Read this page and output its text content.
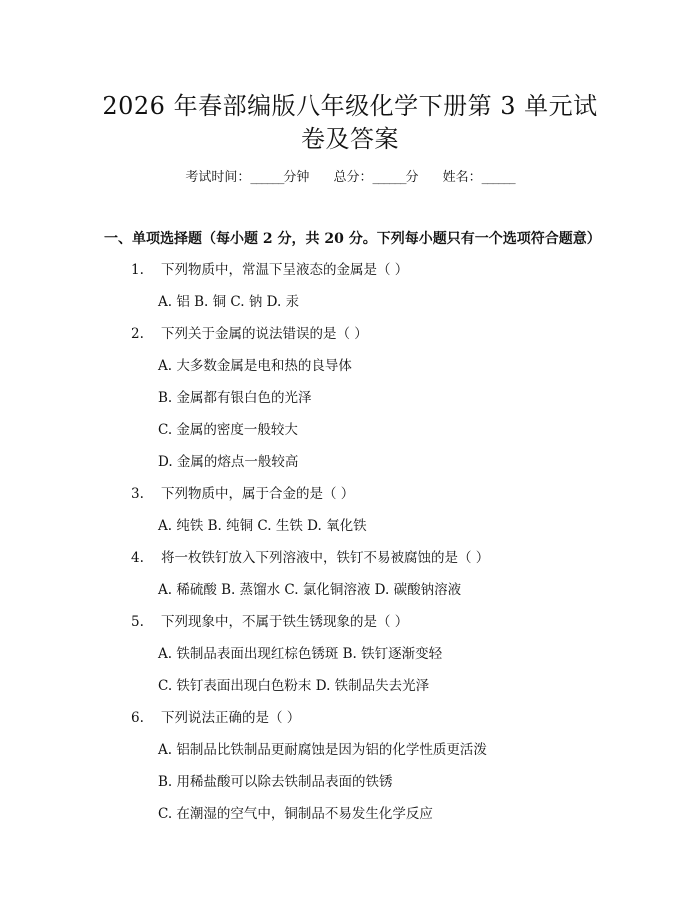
2026 年春部编版八年级化学下册第 3 单元试
卷及答案
考试时间：______分钟 总分：______分 姓名：______
一、单项选择题（每小题 2 分，共 20 分。下列每小题只有一个选项符合题意）
1. 下列物质中，常温下呈液态的金属是（ ）
A. 铝 B. 铜 C. 钠 D. 汞
2. 下列关于金属的说法错误的是（ ）
A. 大多数金属是电和热的良导体
B. 金属都有银白色的光泽
C. 金属的密度一般较大
D. 金属的熔点一般较高
3. 下列物质中，属于合金的是（ ）
A. 纯铁 B. 纯铜 C. 生铁 D. 氧化铁
4. 将一枚铁钉放入下列溶液中，铁钉不易被腐蚀的是（ ）
A. 稀硫酸 B. 蒸馏水 C. 氯化铜溶液 D. 碳酸钠溶液
5. 下列现象中，不属于铁生锈现象的是（ ）
A. 铁制品表面出现红棕色锈斑 B. 铁钉逐渐变轻
C. 铁钉表面出现白色粉末 D. 铁制品失去光泽
6. 下列说法正确的是（ ）
A. 铝制品比铁制品更耐腐蚀是因为铝的化学性质更活泼
B. 用稀盐酸可以除去铁制品表面的铁锈
C. 在潮湿的空气中，铜制品不易发生化学反应
